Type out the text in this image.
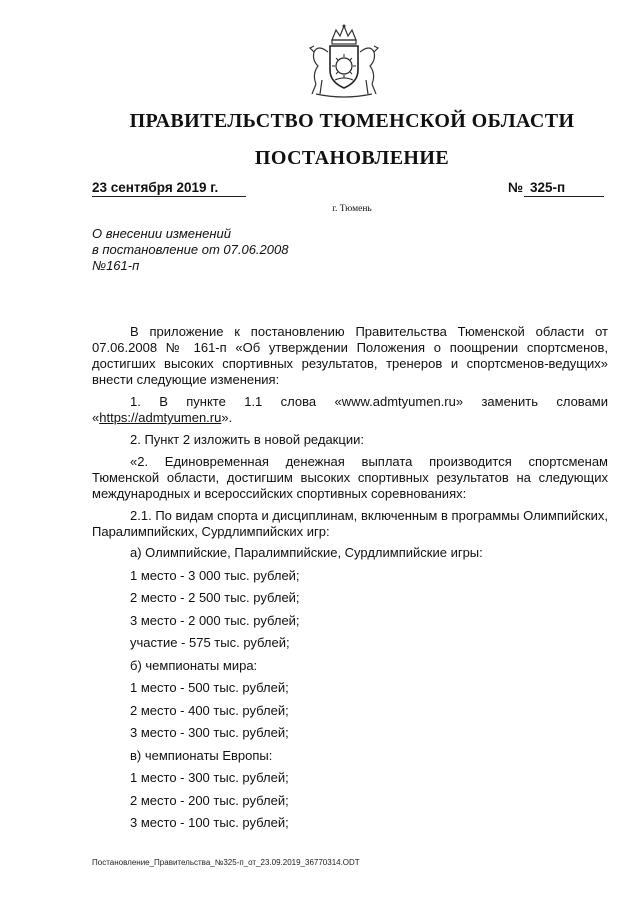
ПРАВИТЕЛЬСТВО ТЮМЕНСКОЙ ОБЛАСТИ
ПОСТАНОВЛЕНИЕ
23 сентября 2019 г.	№ 325-п
г. Тюмень
О внесении изменений
в постановление от 07.06.2008
№161-п

В приложение к постановлению Правительства Тюменской области от 07.06.2008 № 161-п «Об утверждении Положения о поощрении спортсменов, достигших высоких спортивных результатов, тренеров и спортсменов-ведущих» внести следующие изменения:

1. В пункте 1.1 слова «www.admtyumen.ru» заменить словами «https://admtyumen.ru».

2. Пункт 2 изложить в новой редакции:

«2. Единовременная денежная выплата производится спортсменам Тюменской области, достигшим высоких спортивных результатов на следующих международных и всероссийских спортивных соревнованиях:

2.1. По видам спорта и дисциплинам, включенным в программы Олимпийских, Паралимпийских, Сурдлимпийских игр:

а) Олимпийские, Паралимпийские, Сурдлимпийские игры:
1 место - 3 000 тыс. рублей;
2 место - 2 500 тыс. рублей;
3 место - 2 000 тыс. рублей;
участие - 575 тыс. рублей;
б) чемпионаты мира:
1 место - 500 тыс. рублей;
2 место - 400 тыс. рублей;
3 место - 300 тыс. рублей;
в) чемпионаты Европы:
1 место - 300 тыс. рублей;
2 место - 200 тыс. рублей;
3 место - 100 тыс. рублей;
Постановление_Правительства_№325-п_от_23.09.2019_36770314.ODT
